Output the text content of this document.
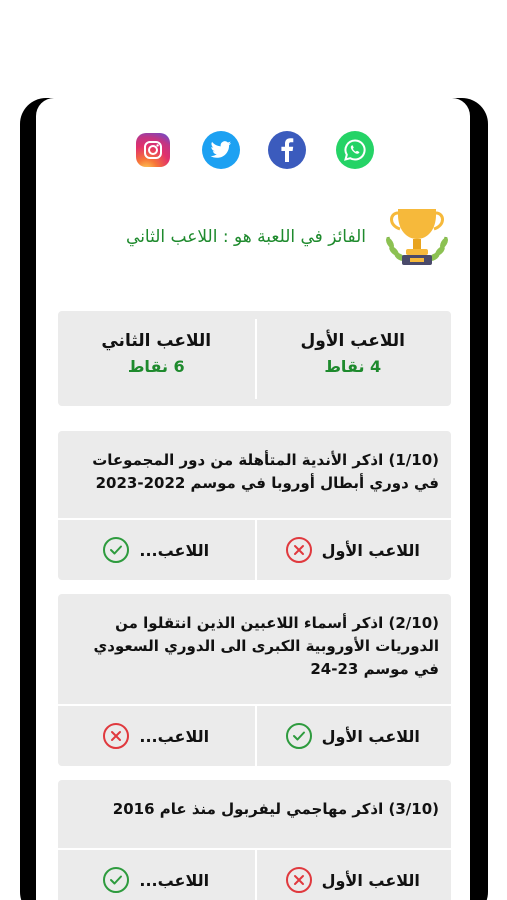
الفائز في اللعبة هو : اللاعب الثاني
اللاعب الأول
4 نقاط
اللاعب الثاني
6 نقاط
(1/10) اذكر الأندية المتأهلة من دور المجموعات في دوري أبطال أوروبا في موسم 2022-2023
اللاعب الأول
اللاعب...
(2/10) اذكر أسماء اللاعبين الذين انتقلوا من الدوريات الأوروبية الكبرى الى الدوري السعودي في موسم 23-24
اللاعب الأول
اللاعب...
(3/10) اذكر مهاجمي ليفربول منذ عام 2016
اللاعب الأول
اللاعب...
